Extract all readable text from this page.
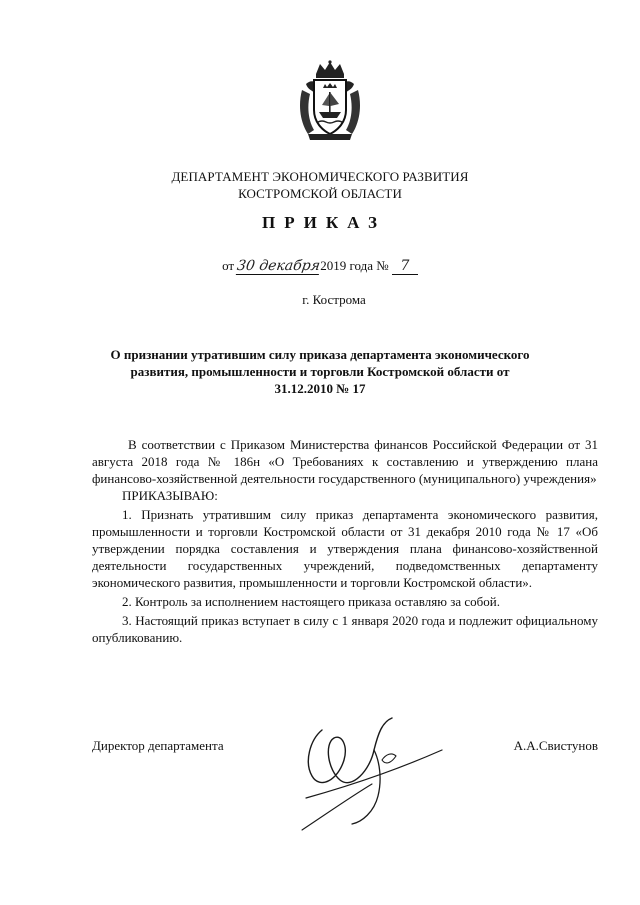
ДЕПАРТАМЕНТ ЭКОНОМИЧЕСКОГО РАЗВИТИЯ
КОСТРОМСКОЙ ОБЛАСТИ
ПРИКАЗ
от 30 декабря2019 года № 7
г. Кострома
О признании утратившим силу приказа департамента экономического развития, промышленности и торговли Костромской области от 31.12.2010 № 17

В соответствии с Приказом Министерства финансов Российской Федерации от 31 августа 2018 года № 186н «О Требованиях к составлению и утверждению плана финансово-хозяйственной деятельности государственного (муниципального) учреждения»

ПРИКАЗЫВАЮ:

1. Признать утратившим силу приказ департамента экономического развития, промышленности и торговли Костромской области от 31 декабря 2010 года № 17 «Об утверждении порядка составления и утверждения плана финансово-хозяйственной деятельности государственных учреждений, подведомственных департаменту экономического развития, промышленности и торговли Костромской области».

2. Контроль за исполнением настоящего приказа оставляю за собой.

3. Настоящий приказ вступает в силу с 1 января 2020 года и подлежит официальному опубликованию.

Директор департамента	А.А.Свистунов
